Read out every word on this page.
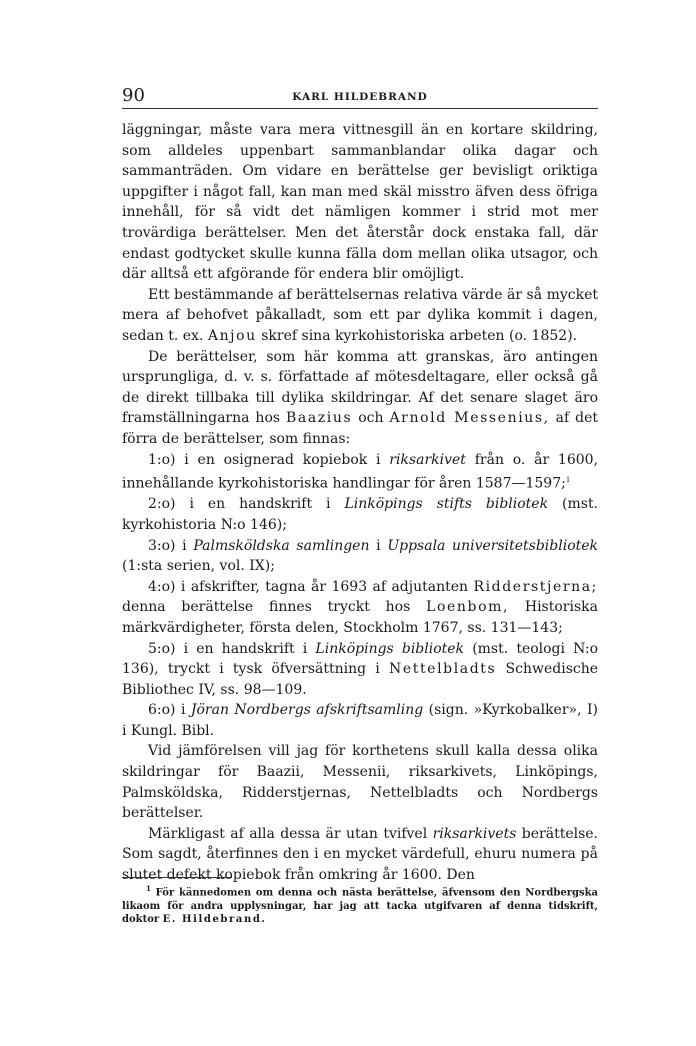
90	KARL HILDEBRAND

läggningar, måste vara mera vittnesgill än en kortare skildring, som alldeles uppenbart sammanblandar olika dagar och sammanträden. Om vidare en berättelse ger bevisligt oriktiga uppgifter i något fall, kan man med skäl misstro äfven dess öfriga innehåll, för så vidt det nämligen kommer i strid mot mer trovärdiga berättelser. Men det återstår dock enstaka fall, där endast godtycket skulle kunna fälla dom mellan olika utsagor, och där alltså ett afgörande för endera blir omöjligt.

Ett bestämmande af berättelsernas relativa värde är så mycket mera af behofvet påkalladt, som ett par dylika kommit i dagen, sedan t. ex. Anjou skref sina kyrkohistoriska arbeten (o. 1852).

De berättelser, som här komma att granskas, äro antingen ursprungliga, d. v. s. författade af mötesdeltagare, eller också gå de direkt tillbaka till dylika skildringar. Af det senare slaget äro framställningarna hos Baazius och Arnold Messenius, af det förra de berättelser, som finnas:

1:o) i en osignerad kopiebok i riksarkivet från o. år 1600, innehållande kyrkohistoriska handlingar för åren 1587—1597;$^1$

2:o) i en handskrift i Linköpings stifts bibliotek (mst. kyrkohistoria N:o 146);

3:o) i Palmsköldska samlingen i Uppsala universitetsbibliotek (1:sta serien, vol. IX);

4:o) i afskrifter, tagna år 1693 af adjutanten Ridderstjerna; denna berättelse finnes tryckt hos Loenbom, Historiska märkvärdigheter, första delen, Stockholm 1767, ss. 131—143;

5:o) i en handskrift i Linköpings bibliotek (mst. teologi N:o 136), tryckt i tysk öfversättning i Nettelbladts Schwedische Bibliothec IV, ss. 98—109.

6:o) i Jöran Nordbergs afskriftsamling (sign. »Kyrkobalker», I) i Kungl. Bibl.

Vid jämförelsen vill jag för korthetens skull kalla dessa olika skildringar för Baazii, Messenii, riksarkivets, Linköpings, Palmsköldska, Ridderstjernas, Nettelbladts och Nordbergs berättelser.

Märkligast af alla dessa är utan tvifvel riksarkivets berättelse. Som sagdt, återfinnes den i en mycket värdefull, ehuru numera på slutet defekt kopiebok från omkring år 1600. Den

$^1$ För kännedomen om denna och nästa berättelse, äfvensom den Nordbergska likaom för andra upplysningar, har jag att tacka utgifvaren af denna tidskrift, doktor E. Hildebrand.
